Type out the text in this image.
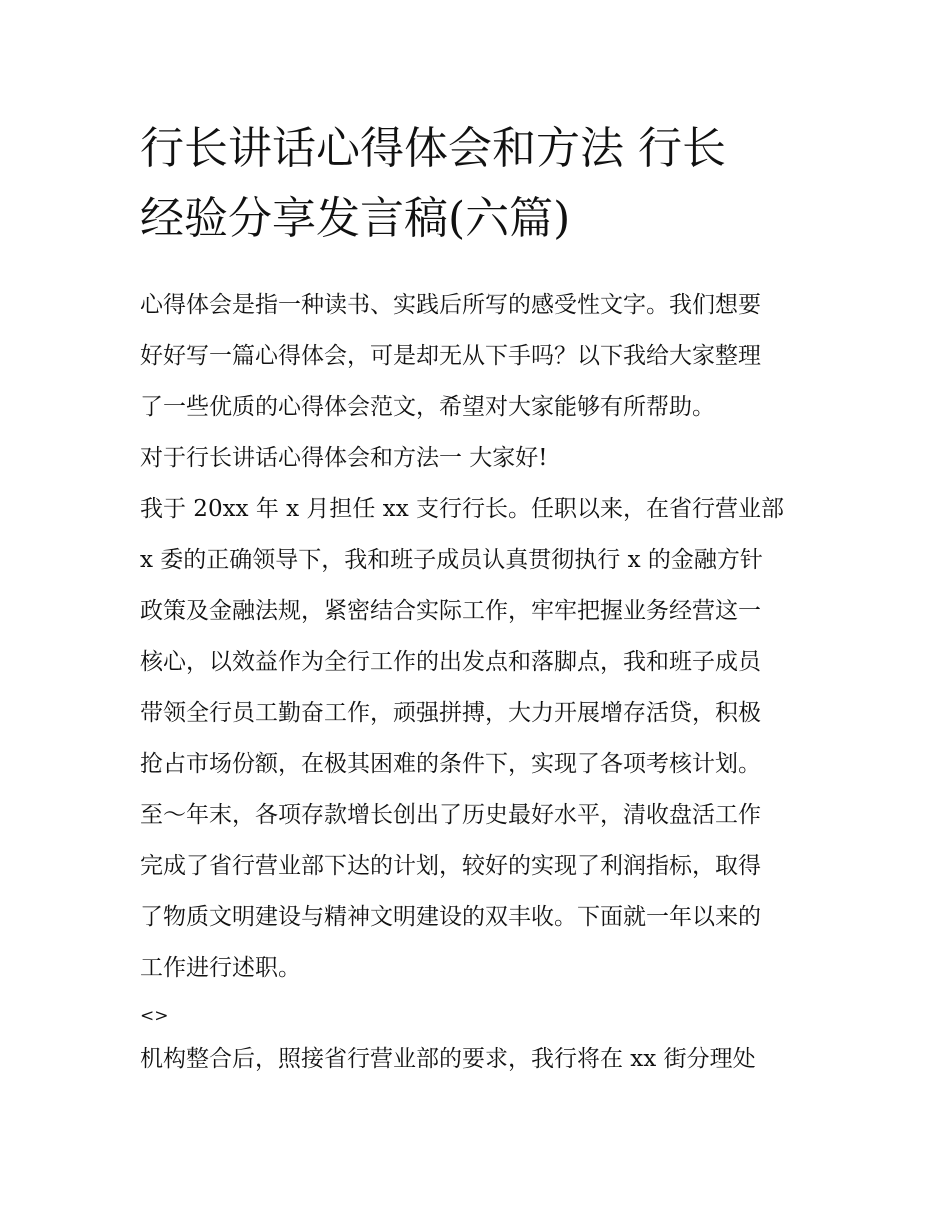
行长讲话心得体会和方法 行长
经验分享发言稿(六篇)
心得体会是指一种读书、实践后所写的感受性文字。我们想要
好好写一篇心得体会，可是却无从下手吗？以下我给大家整理
了一些优质的心得体会范文，希望对大家能够有所帮助。
对于行长讲话心得体会和方法一 大家好!
我于 20xx 年 x 月担任 xx 支行行长。任职以来，在省行营业部
x 委的正确领导下，我和班子成员认真贯彻执行 x 的金融方针
政策及金融法规，紧密结合实际工作，牢牢把握业务经营这一
核心，以效益作为全行工作的出发点和落脚点，我和班子成员
带领全行员工勤奋工作，顽强拼搏，大力开展增存活贷，积极
抢占市场份额，在极其困难的条件下，实现了各项考核计划。
至～年末，各项存款增长创出了历史最好水平，清收盘活工作
完成了省行营业部下达的计划，较好的实现了利润指标，取得
了物质文明建设与精神文明建设的双丰收。下面就一年以来的
工作进行述职。
<>
机构整合后，照接省行营业部的要求，我行将在 xx 街分理处
